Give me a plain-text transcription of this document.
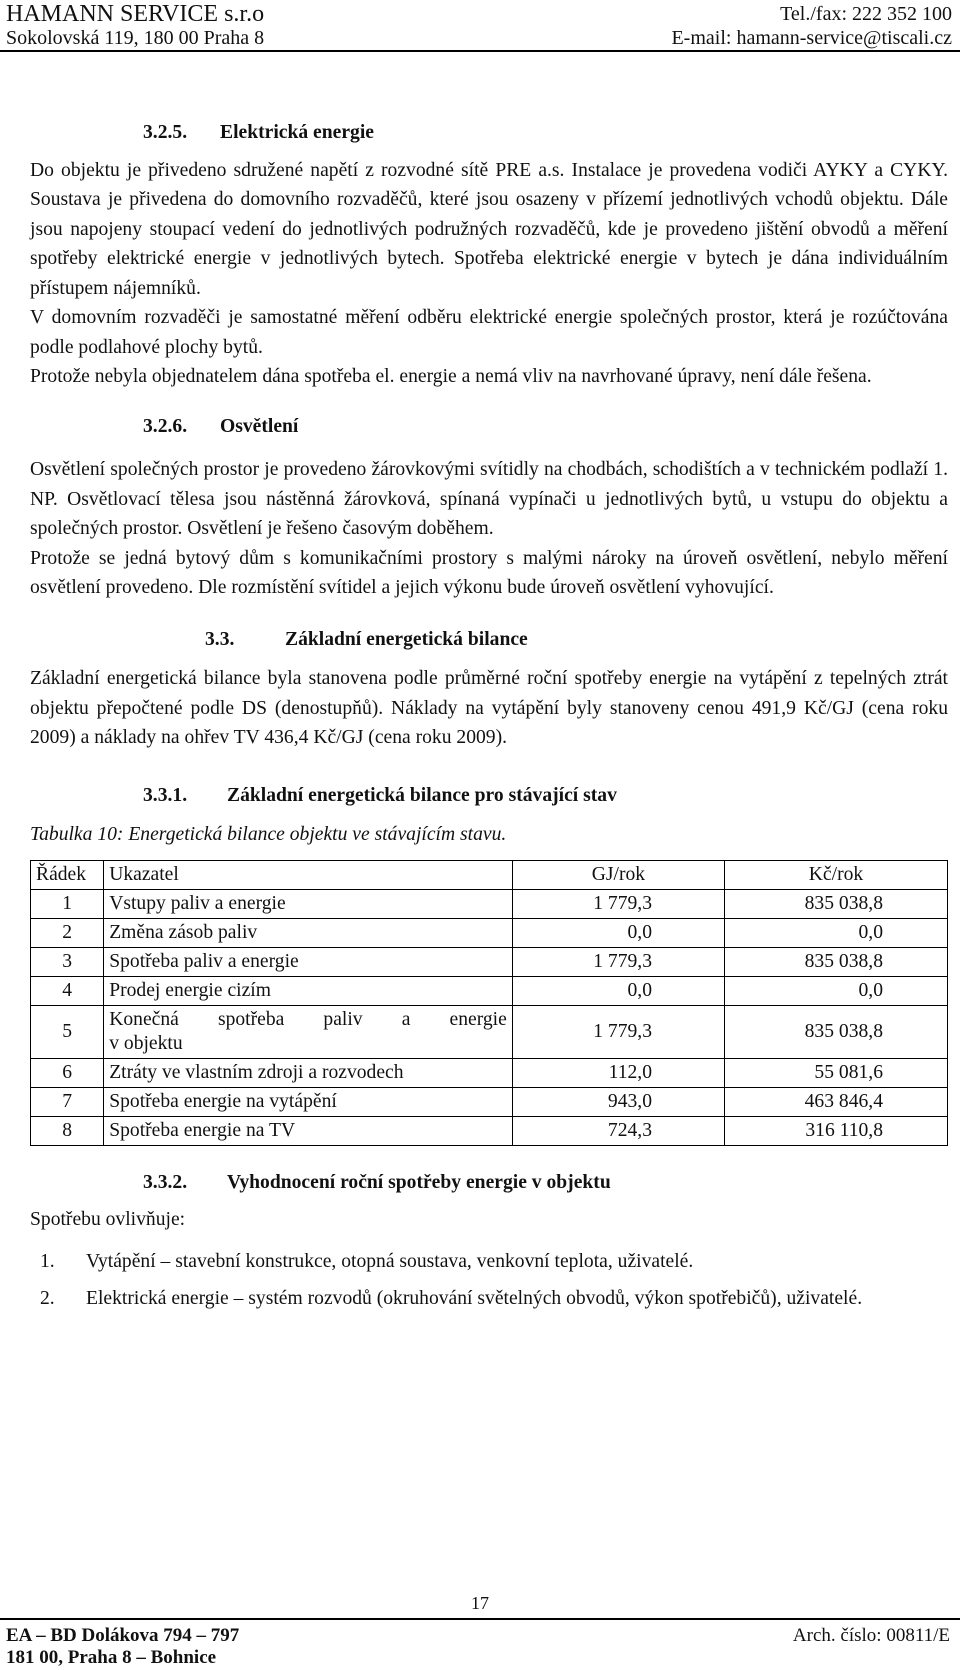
HAMANN SERVICE s.r.o
Sokolovská 119, 180 00 Praha 8
Tel./fax: 222 352 100
E-mail: hamann-service@tiscali.cz
3.2.5.	Elektrická energie

Do objektu je přivedeno sdružené napětí z rozvodné sítě PRE a.s. Instalace je provedena vodiči AYKY a CYKY. Soustava je přivedena do domovního rozvaděčů, které jsou osazeny v přízemí jednotlivých vchodů objektu. Dále jsou napojeny stoupací vedení do jednotlivých podružných rozvaděčů, kde je provedeno jištění obvodů a měření spotřeby elektrické energie v jednotlivých bytech. Spotřeba elektrické energie v bytech je dána individuálním přístupem nájemníků.

V domovním rozvaděči je samostatné měření odběru elektrické energie společných prostor, která je rozúčtována podle podlahové plochy bytů.

Protože nebyla objednatelem dána spotřeba el. energie a nemá vliv na navrhované úpravy, není dále řešena.

3.2.6.	Osvětlení

Osvětlení společných prostor je provedeno žárovkovými svítidly na chodbách, schodištích a v technickém podlaží 1. NP. Osvětlovací tělesa jsou nástěnná žárovková, spínaná vypínači u jednotlivých bytů, u vstupu do objektu a společných prostor. Osvětlení je řešeno časovým doběhem.

Protože se jedná bytový dům s komunikačními prostory s malými nároky na úroveň osvětlení, nebylo měření osvětlení provedeno. Dle rozmístění svítidel a jejich výkonu bude úroveň osvětlení vyhovující.

3.3.	Základní energetická bilance

Základní energetická bilance byla stanovena podle průměrné roční spotřeby energie na vytápění z tepelných ztrát objektu přepočtené podle DS (denostupňů). Náklady na vytápění byly stanoveny cenou 491,9 Kč/GJ (cena roku 2009) a náklady na ohřev TV 436,4 Kč/GJ (cena roku 2009).

3.3.1.	Základní energetická bilance pro stávající stav

Tabulka 10: Energetická bilance objektu ve stávajícím stavu.

Řádek	Ukazatel	GJ/rok	Kč/rok
1	Vstupy paliv a energie	1 779,3	835 038,8
2	Změna zásob paliv	0,0	0,0
3	Spotřeba paliv a energie	1 779,3	835 038,8
4	Prodej energie cizím	0,0	0,0
5	Konečná spotřeba paliv a energie
v objektu	1 779,3	835 038,8
6	Ztráty ve vlastním zdroji a rozvodech	112,0	55 081,6
7	Spotřeba energie na vytápění	943,0	463 846,4
8	Spotřeba energie na TV	724,3	316 110,8
3.3.2.	Vyhodnocení roční spotřeby energie v objektu

Spotřebu ovlivňuje:

1.	Vytápění – stavební konstrukce, otopná soustava, venkovní teplota, uživatelé.
2.	Elektrická energie – systém rozvodů (okruhování světelných obvodů, výkon spotřebičů), uživatelé.
17
EA – BD Dolákova 794 – 797
181 00, Praha 8 – Bohnice
Arch. číslo: 00811/E
